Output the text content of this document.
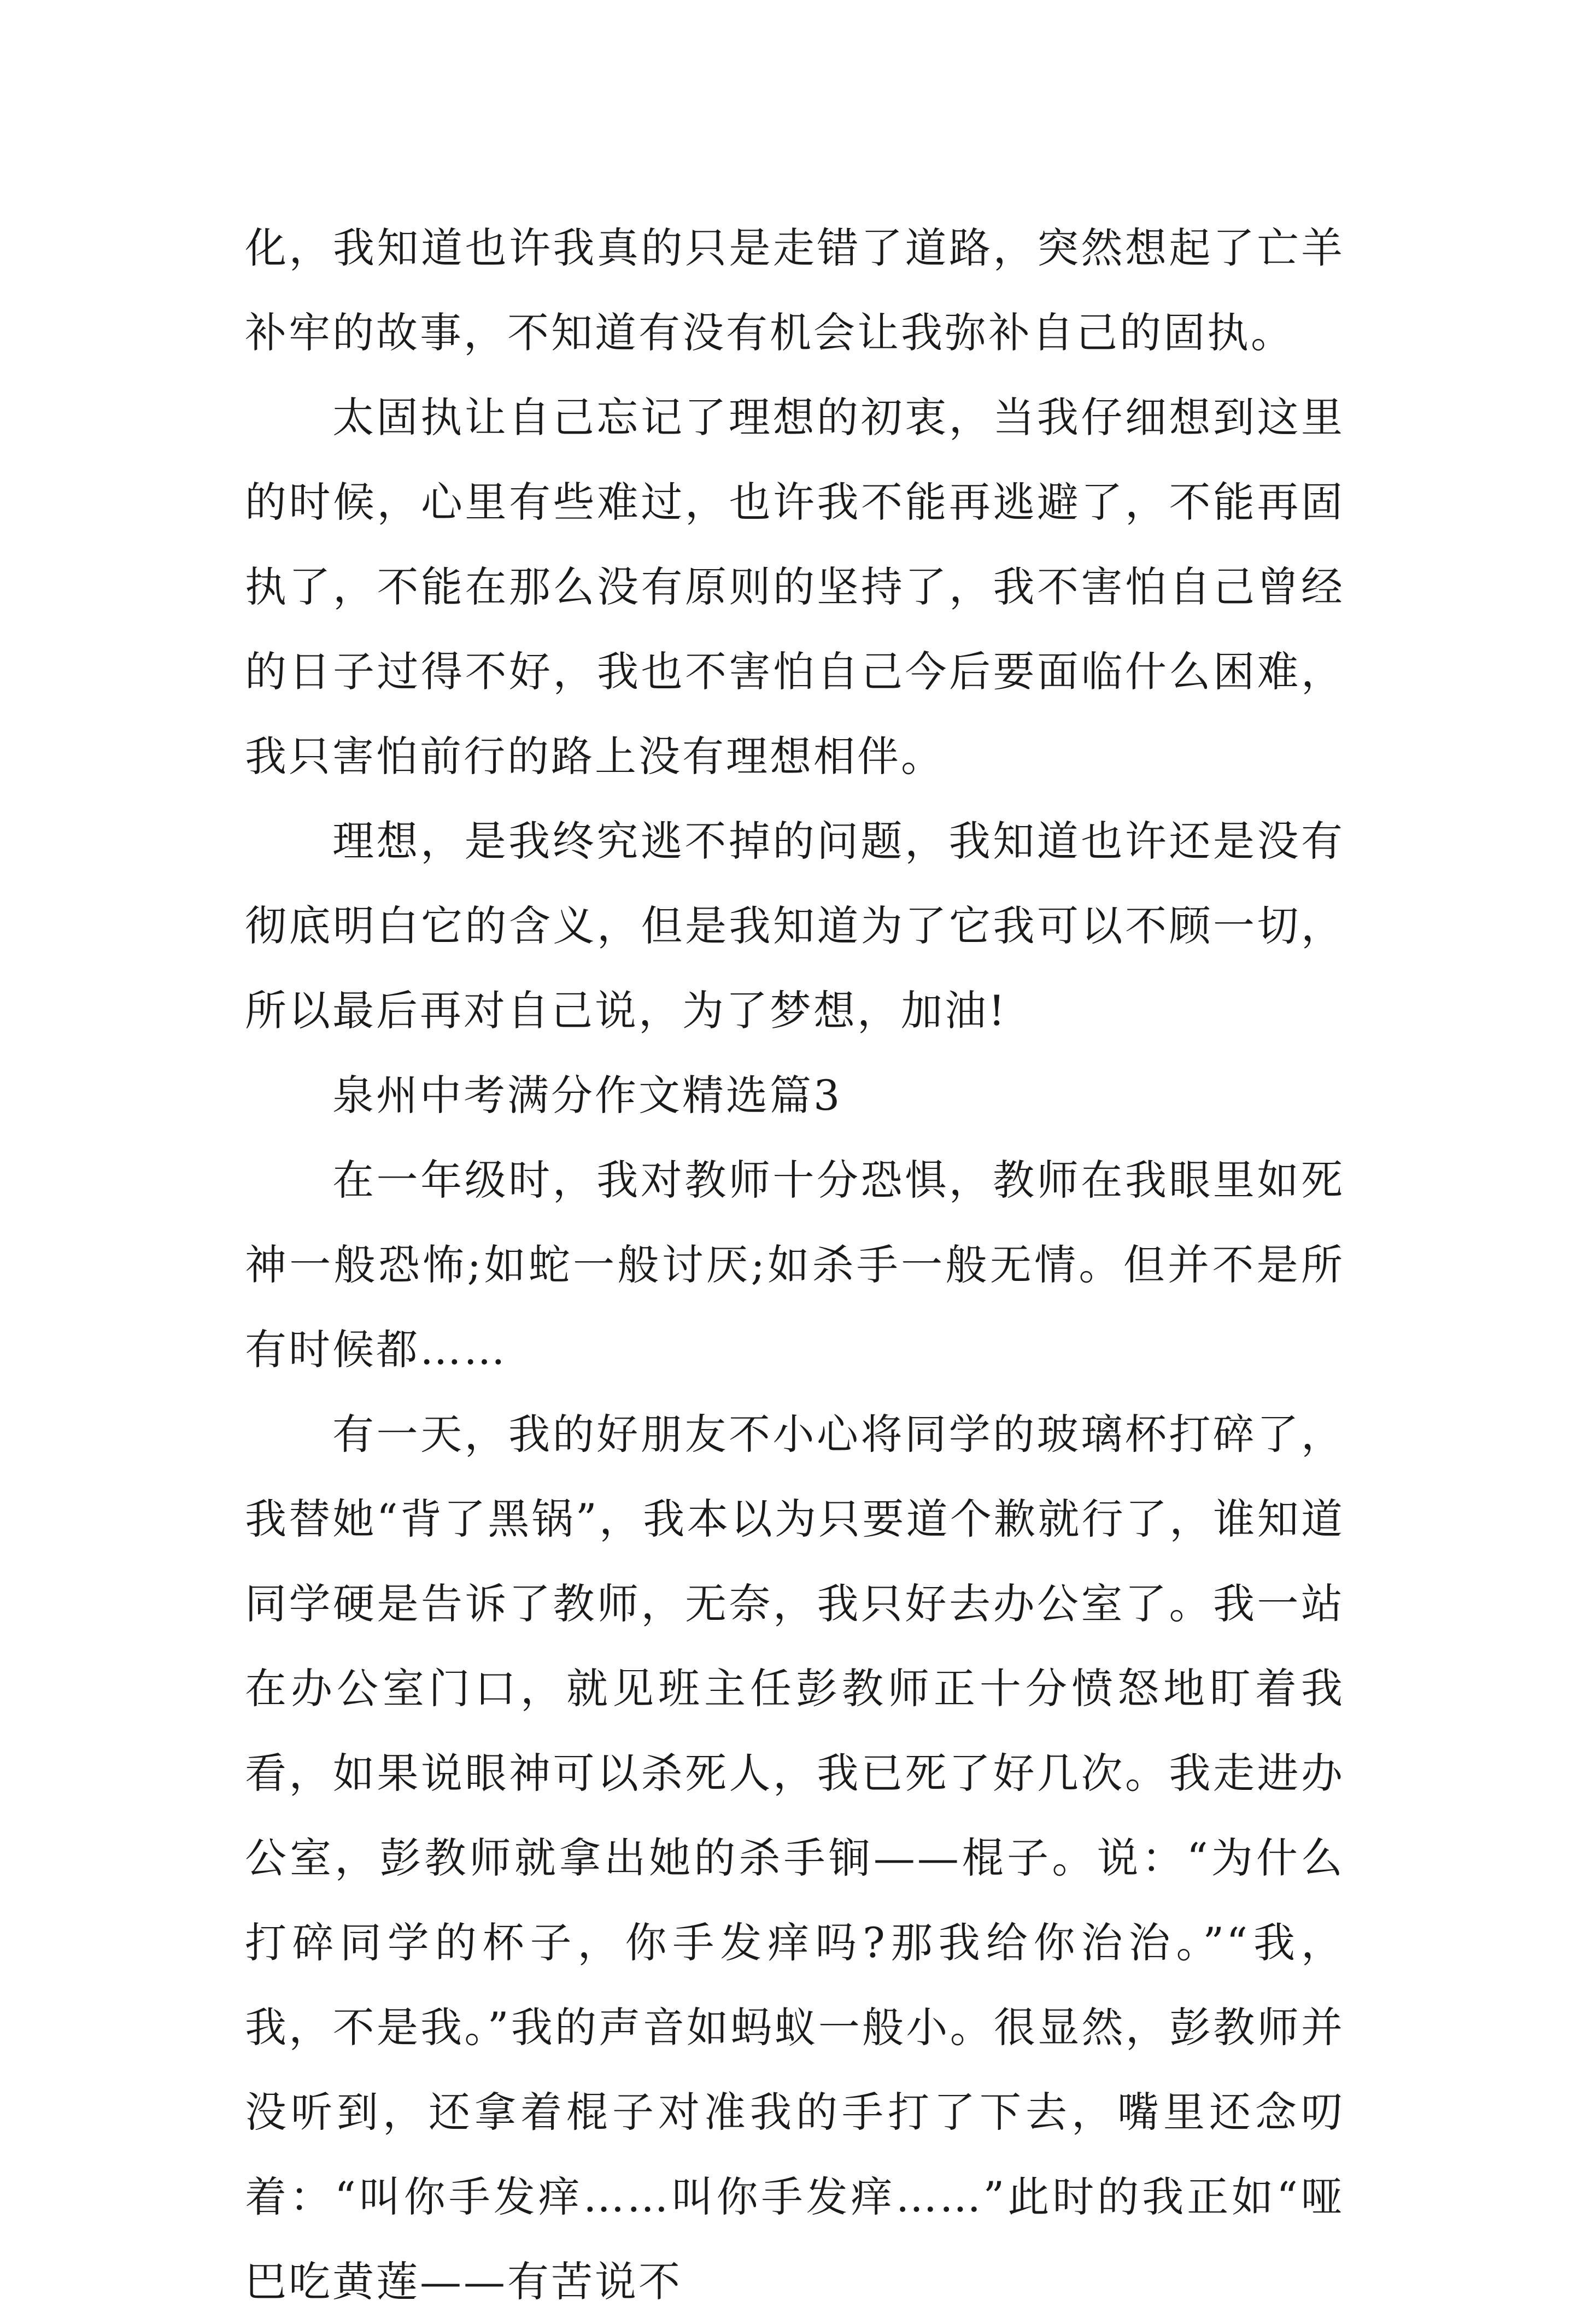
化，我知道也许我真的只是走错了道路，突然想起了亡羊补牢的故事，不知道有没有机会让我弥补自己的固执。

太固执让自己忘记了理想的初衷，当我仔细想到这里的时候，心里有些难过，也许我不能再逃避了，不能再固执了，不能在那么没有原则的坚持了，我不害怕自己曾经的日子过得不好，我也不害怕自己今后要面临什么困难，我只害怕前行的路上没有理想相伴。

理想，是我终究逃不掉的问题，我知道也许还是没有彻底明白它的含义，但是我知道为了它我可以不顾一切，所以最后再对自己说，为了梦想，加油!

泉州中考满分作文精选篇3

在一年级时，我对教师十分恐惧，教师在我眼里如死神一般恐怖;如蛇一般讨厌;如杀手一般无情。但并不是所有时候都……

有一天，我的好朋友不小心将同学的玻璃杯打碎了，我替她“背了黑锅”，我本以为只要道个歉就行了，谁知道同学硬是告诉了教师，无奈，我只好去办公室了。我一站在办公室门口，就见班主任彭教师正十分愤怒地盯着我看，如果说眼神可以杀死人，我已死了好几次。我走进办公室，彭教师就拿出她的杀手锏——棍子。说：“为什么打碎同学的杯子，你手发痒吗?那我给你治治。”“我，我，不是我。”我的声音如蚂蚁一般小。很显然，彭教师并没听到，还拿着棍子对准我的手打了下去，嘴里还念叨着：“叫你手发痒……叫你手发痒……”此时的我正如“哑巴吃黄莲——有苦说不
